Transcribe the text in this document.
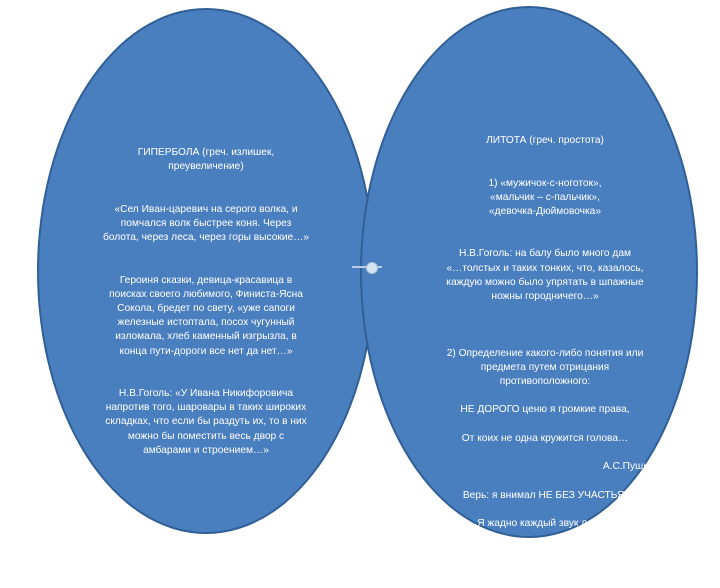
ГИПЕРБОЛА (греч. излишек,
преувеличение)

«Сел Иван-царевич на серого волка, и
помчался волк быстрее коня. Через
болота, через леса, через горы высокие…»

Героиня сказки, девица-красавица в
поисках своего любимого, Финиста-Ясна
Сокола, бредет по свету, «уже сапоги
железные истоптала, посох чугунный
изломала, хлеб каменный изгрызла, в
конца пути-дороги все нет да нет…»

Н.В.Гоголь: «У Ивана Никифоровича
напротив того, шаровары в таких широких
складках, что если бы раздуть их, то в них
можно бы поместить весь двор с
амбарами и строением…»

ЛИТОТА (греч. простота)

1) «мужичок-с-ноготок»,
«мальчик – с-пальчик»,
«девочка-Дюймовочка»

Н.В.Гоголь: на балу было много дам
«…толстых и таких тонких, что, казалось,
каждую можно было упрятать в шпажные
ножны городничего…»

2) Определение какого-либо понятия или
предмета путем отрицания
противоположного:

НЕ ДОРОГО ценю я громкие права,

От коих не одна кружится голова…

А.С.Пушкин

Верь: я внимал НЕ БЕЗ УЧАСТЬЯ,

Я жадно каждый звук ловил.

Н.А.Некрасов
